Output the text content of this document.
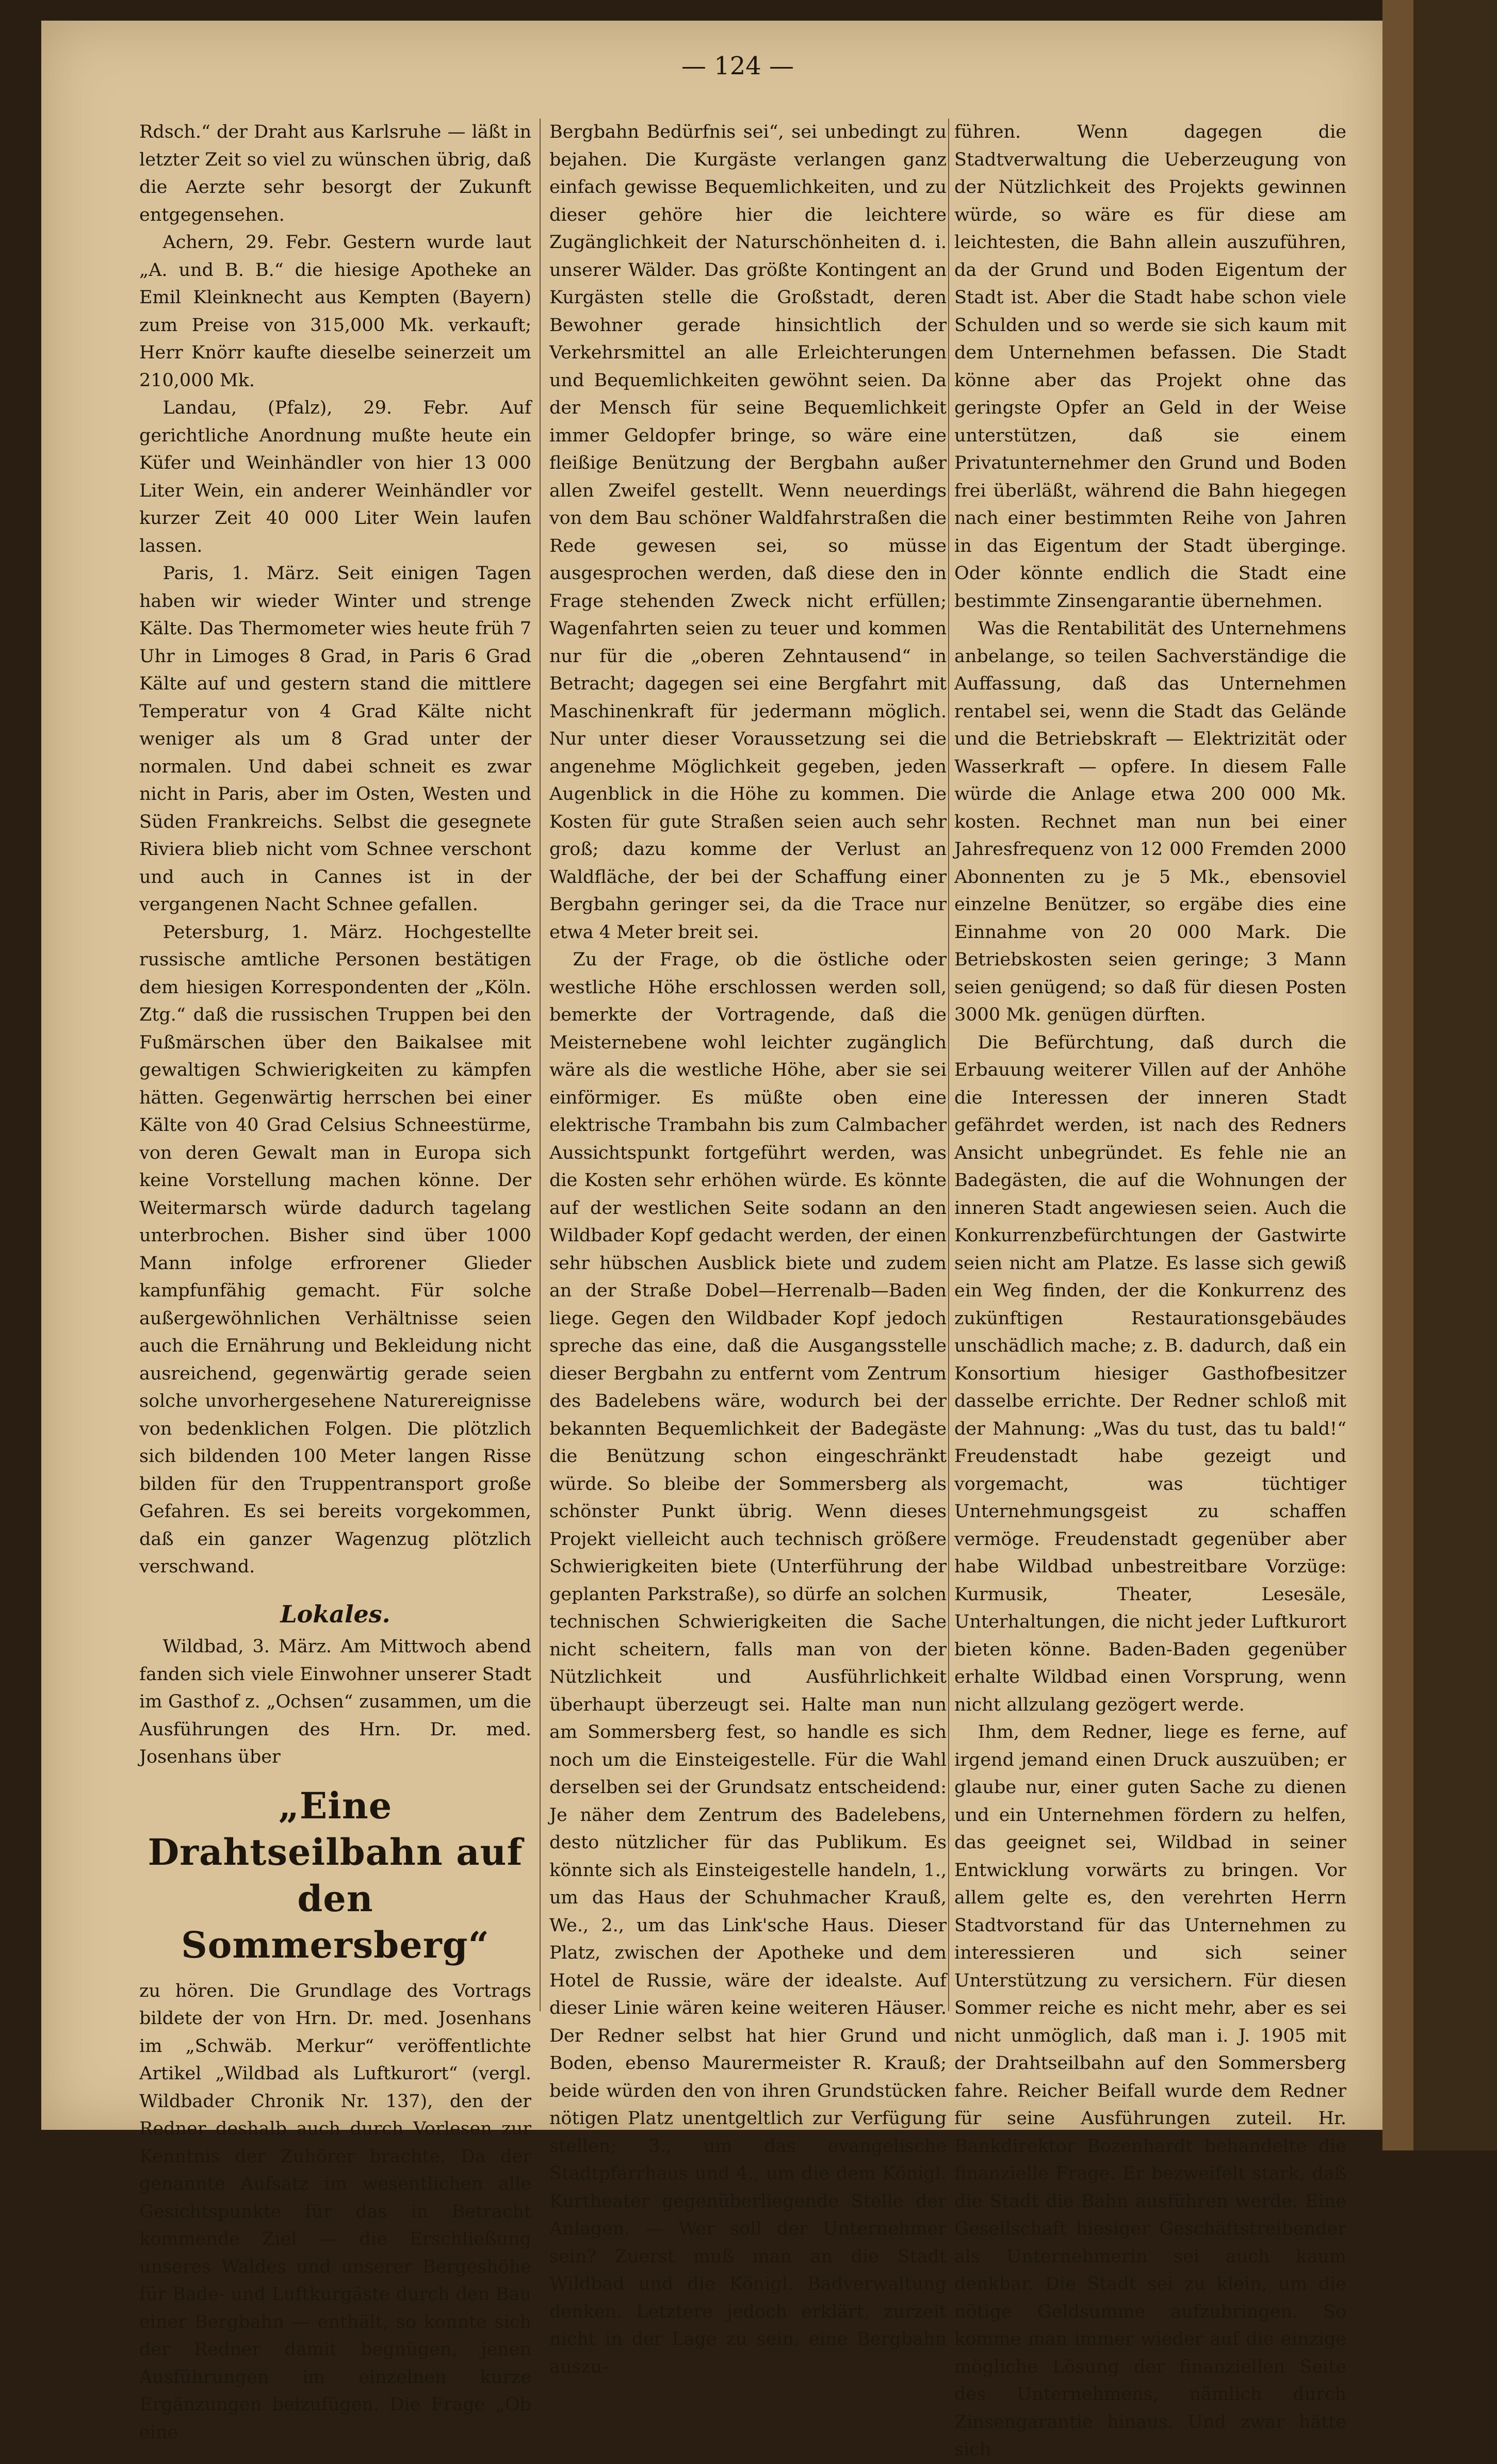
— 124 —

Rdsch.“ der Draht aus Karlsruhe — läßt in letzter Zeit so viel zu wünschen übrig, daß die Aerzte sehr besorgt der Zukunft entgegensehen.

Achern, 29. Febr. Gestern wurde laut „A. und B. B.“ die hiesige Apotheke an Emil Kleinknecht aus Kempten (Bayern) zum Preise von 315,000 Mk. verkauft; Herr Knörr kaufte dieselbe seinerzeit um 210,000 Mk.

Landau, (Pfalz), 29. Febr. Auf gerichtliche Anordnung mußte heute ein Küfer und Weinhändler von hier 13 000 Liter Wein, ein anderer Weinhändler vor kurzer Zeit 40 000 Liter Wein laufen lassen.

Paris, 1. März. Seit einigen Tagen haben wir wieder Winter und strenge Kälte. Das Thermometer wies heute früh 7 Uhr in Limoges 8 Grad, in Paris 6 Grad Kälte auf und gestern stand die mittlere Temperatur von 4 Grad Kälte nicht weniger als um 8 Grad unter der normalen. Und dabei schneit es zwar nicht in Paris, aber im Osten, Westen und Süden Frankreichs. Selbst die gesegnete Riviera blieb nicht vom Schnee verschont und auch in Cannes ist in der vergangenen Nacht Schnee gefallen.

Petersburg, 1. März. Hochgestellte russische amtliche Personen bestätigen dem hiesigen Korrespondenten der „Köln. Ztg.“ daß die russischen Truppen bei den Fußmärschen über den Baikalsee mit gewaltigen Schwierigkeiten zu kämpfen hätten. Gegenwärtig herrschen bei einer Kälte von 40 Grad Celsius Schneestürme, von deren Gewalt man in Europa sich keine Vorstellung machen könne. Der Weitermarsch würde dadurch tagelang unterbrochen. Bisher sind über 1000 Mann infolge erfrorener Glieder kampfunfähig gemacht. Für solche außergewöhnlichen Verhältnisse seien auch die Ernährung und Bekleidung nicht ausreichend, gegenwärtig gerade seien solche unvorhergesehene Naturereignisse von bedenklichen Folgen. Die plötzlich sich bildenden 100 Meter langen Risse bilden für den Truppentransport große Gefahren. Es sei bereits vorgekommen, daß ein ganzer Wagenzug plötzlich verschwand.

Lokales.

Wildbad, 3. März. Am Mittwoch abend fanden sich viele Einwohner unserer Stadt im Gasthof z. „Ochsen“ zusammen, um die Ausführungen des Hrn. Dr. med. Josenhans über

„Eine Drahtseilbahn auf den Sommersberg“

zu hören. Die Grundlage des Vortrags bildete der von Hrn. Dr. med. Josenhans im „Schwäb. Merkur“ veröffentlichte Artikel „Wildbad als Luftkurort“ (vergl. Wildbader Chronik Nr. 137), den der Redner deshalb auch durch Vorlesen zur Kenntnis der Zuhörer brachte. Da der genannte Aufsatz im wesentlichen alle Gesichtspunkte für das in Betracht kommende Ziel — die Erschließung unseres Waldes und unserer Bergeshöhe für Bade- und Luftkurgäste durch den Bau einer Bergbahn — enthält, so konnte sich der Redner damit begnügen, jenen Ausführungen im einzelnen kurze Ergänzungen beizufügen. Die Frage „Ob eine

Bergbahn Bedürfnis sei“, sei unbedingt zu bejahen. Die Kurgäste verlangen ganz einfach gewisse Bequemlichkeiten, und zu dieser gehöre hier die leichtere Zugänglichkeit der Naturschönheiten d. i. unserer Wälder. Das größte Kontingent an Kurgästen stelle die Großstadt, deren Bewohner gerade hinsichtlich der Verkehrsmittel an alle Erleichterungen und Bequemlichkeiten gewöhnt seien. Da der Mensch für seine Bequemlichkeit immer Geldopfer bringe, so wäre eine fleißige Benützung der Bergbahn außer allen Zweifel gestellt. Wenn neuerdings von dem Bau schöner Waldfahrstraßen die Rede gewesen sei, so müsse ausgesprochen werden, daß diese den in Frage stehenden Zweck nicht erfüllen; Wagenfahrten seien zu teuer und kommen nur für die „oberen Zehntausend“ in Betracht; dagegen sei eine Bergfahrt mit Maschinenkraft für jedermann möglich. Nur unter dieser Voraussetzung sei die angenehme Möglichkeit gegeben, jeden Augenblick in die Höhe zu kommen. Die Kosten für gute Straßen seien auch sehr groß; dazu komme der Verlust an Waldfläche, der bei der Schaffung einer Bergbahn geringer sei, da die Trace nur etwa 4 Meter breit sei.

Zu der Frage, ob die östliche oder westliche Höhe erschlossen werden soll, bemerkte der Vortragende, daß die Meisternebene wohl leichter zugänglich wäre als die westliche Höhe, aber sie sei einförmiger. Es müßte oben eine elektrische Trambahn bis zum Calmbacher Aussichtspunkt fortgeführt werden, was die Kosten sehr erhöhen würde. Es könnte auf der westlichen Seite sodann an den Wildbader Kopf gedacht werden, der einen sehr hübschen Ausblick biete und zudem an der Straße Dobel—Herrenalb—Baden liege. Gegen den Wildbader Kopf jedoch spreche das eine, daß die Ausgangsstelle dieser Bergbahn zu entfernt vom Zentrum des Badelebens wäre, wodurch bei der bekannten Bequemlichkeit der Badegäste die Benützung schon eingeschränkt würde. So bleibe der Sommersberg als schönster Punkt übrig. Wenn dieses Projekt vielleicht auch technisch größere Schwierigkeiten biete (Unterführung der geplanten Parkstraße), so dürfe an solchen technischen Schwierigkeiten die Sache nicht scheitern, falls man von der Nützlichkeit und Ausführlichkeit überhaupt überzeugt sei. Halte man nun am Sommersberg fest, so handle es sich noch um die Einsteigestelle. Für die Wahl derselben sei der Grundsatz entscheidend: Je näher dem Zentrum des Badelebens, desto nützlicher für das Publikum. Es könnte sich als Einsteigestelle handeln, 1., um das Haus der Schuhmacher Krauß, We., 2., um das Link'sche Haus. Dieser Platz, zwischen der Apotheke und dem Hotel de Russie, wäre der idealste. Auf dieser Linie wären keine weiteren Häuser. Der Redner selbst hat hier Grund und Boden, ebenso Maurermeister R. Krauß; beide würden den von ihren Grundstücken nötigen Platz unentgeltlich zur Verfügung stellen; 3., um das evangelische Stadtpfarrhaus und 4., um die dem Königl. Kurtheater gegenüberliegende Stelle der Anlagen. — Wer soll der Unternehmer sein? Zuerst muß man an die Stadt Wildbad und die Königl. Badverwaltung denken. Letztere jedoch erklärt, zurzeit nicht in der Lage zu sein, eine Bergbahn auszu-

führen. Wenn dagegen die Stadtverwaltung die Ueberzeugung von der Nützlichkeit des Projekts gewinnen würde, so wäre es für diese am leichtesten, die Bahn allein auszuführen, da der Grund und Boden Eigentum der Stadt ist. Aber die Stadt habe schon viele Schulden und so werde sie sich kaum mit dem Unternehmen befassen. Die Stadt könne aber das Projekt ohne das geringste Opfer an Geld in der Weise unterstützen, daß sie einem Privatunternehmer den Grund und Boden frei überläßt, während die Bahn hiegegen nach einer bestimmten Reihe von Jahren in das Eigentum der Stadt überginge. Oder könnte endlich die Stadt eine bestimmte Zinsengarantie übernehmen.

Was die Rentabilität des Unternehmens anbelange, so teilen Sachverständige die Auffassung, daß das Unternehmen rentabel sei, wenn die Stadt das Gelände und die Betriebskraft — Elektrizität oder Wasserkraft — opfere. In diesem Falle würde die Anlage etwa 200 000 Mk. kosten. Rechnet man nun bei einer Jahresfrequenz von 12 000 Fremden 2000 Abonnenten zu je 5 Mk., ebensoviel einzelne Benützer, so ergäbe dies eine Einnahme von 20 000 Mark. Die Betriebskosten seien geringe; 3 Mann seien genügend; so daß für diesen Posten 3000 Mk. genügen dürften.

Die Befürchtung, daß durch die Erbauung weiterer Villen auf der Anhöhe die Interessen der inneren Stadt gefährdet werden, ist nach des Redners Ansicht unbegründet. Es fehle nie an Badegästen, die auf die Wohnungen der inneren Stadt angewiesen seien. Auch die Konkurrenzbefürchtungen der Gastwirte seien nicht am Platze. Es lasse sich gewiß ein Weg finden, der die Konkurrenz des zukünftigen Restaurationsgebäudes unschädlich mache; z. B. dadurch, daß ein Konsortium hiesiger Gasthofbesitzer dasselbe errichte. Der Redner schloß mit der Mahnung: „Was du tust, das tu bald!“ Freudenstadt habe gezeigt und vorgemacht, was tüchtiger Unternehmungsgeist zu schaffen vermöge. Freudenstadt gegenüber aber habe Wildbad unbestreitbare Vorzüge: Kurmusik, Theater, Lesesäle, Unterhaltungen, die nicht jeder Luftkurort bieten könne. Baden-Baden gegenüber erhalte Wildbad einen Vorsprung, wenn nicht allzulang gezögert werde.

Ihm, dem Redner, liege es ferne, auf irgend jemand einen Druck auszuüben; er glaube nur, einer guten Sache zu dienen und ein Unternehmen fördern zu helfen, das geeignet sei, Wildbad in seiner Entwicklung vorwärts zu bringen. Vor allem gelte es, den verehrten Herrn Stadtvorstand für das Unternehmen zu interessieren und sich seiner Unterstützung zu versichern. Für diesen Sommer reiche es nicht mehr, aber es sei nicht unmöglich, daß man i. J. 1905 mit der Drahtseilbahn auf den Sommersberg fahre. Reicher Beifall wurde dem Redner für seine Ausführungen zuteil. Hr. Bankdirektor Bozenhardt behandelte die finanzielle Frage. Er bezweifelt stark, daß die Stadt die Bahn ausführen werde. Eine Gesellschaft hiesiger Geschäftstreibender als Unternehmerin sei auch kaum denkbar. Die Stadt sei zu klein, um die nötige Geldsumme aufzubringen. So komme man immer wieder auf die einzige mögliche Lösung der finanziellen Seite des Unternehmens, nämlich durch Zinsengarantie hinaus. Und zwar hätte sich
